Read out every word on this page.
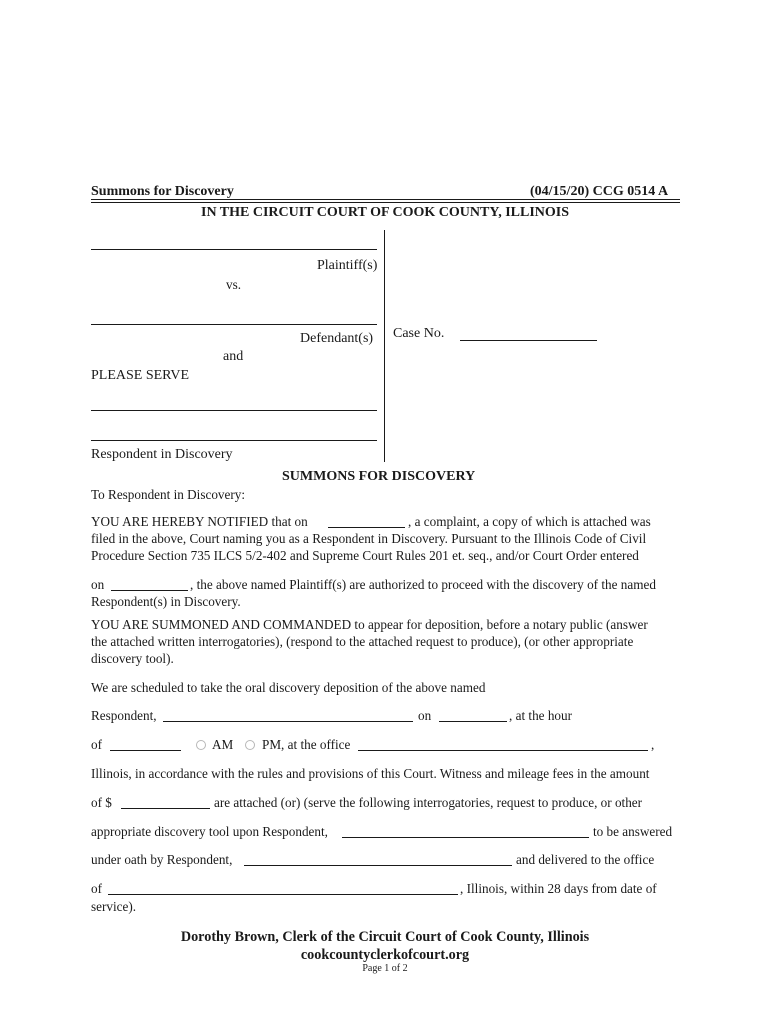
Summons for Discovery	(04/15/20) CCG 0514 A
IN THE CIRCUIT COURT OF COOK COUNTY, ILLINOIS
Plaintiff(s)
vs.
Defendant(s)
and
PLEASE SERVE
Respondent in Discovery
Case No.
SUMMONS FOR DISCOVERY
To Respondent in Discovery:
YOU ARE HEREBY NOTIFIED that on	, a complaint, a copy of which is attached was
filed in the above, Court naming you as a Respondent in Discovery. Pursuant to the Illinois Code of Civil
Procedure Section 735 ILCS 5/2-402 and Supreme Court Rules 201 et. seq., and/or Court Order entered
on	, the above named Plaintiff(s) are authorized to proceed with the discovery of the named
Respondent(s) in Discovery.
YOU ARE SUMMONED AND COMMANDED to appear for deposition, before a notary public (answer
the attached written interrogatories), (respond to the attached request to produce), (or other appropriate
discovery tool).
We are scheduled to take the oral discovery deposition of the above named
Respondent,	on	, at the hour
of	AM PM, at the office	,
Illinois, in accordance with the rules and provisions of this Court. Witness and mileage fees in the amount
of $	are attached (or) (serve the following interrogatories, request to produce, or other
appropriate discovery tool upon Respondent,	to be answered
under oath by Respondent,	and delivered to the office
of	, Illinois, within 28 days from date of
service).
Dorothy Brown, Clerk of the Circuit Court of Cook County, Illinois
cookcountyclerkofcourt.org
Page 1 of 2
